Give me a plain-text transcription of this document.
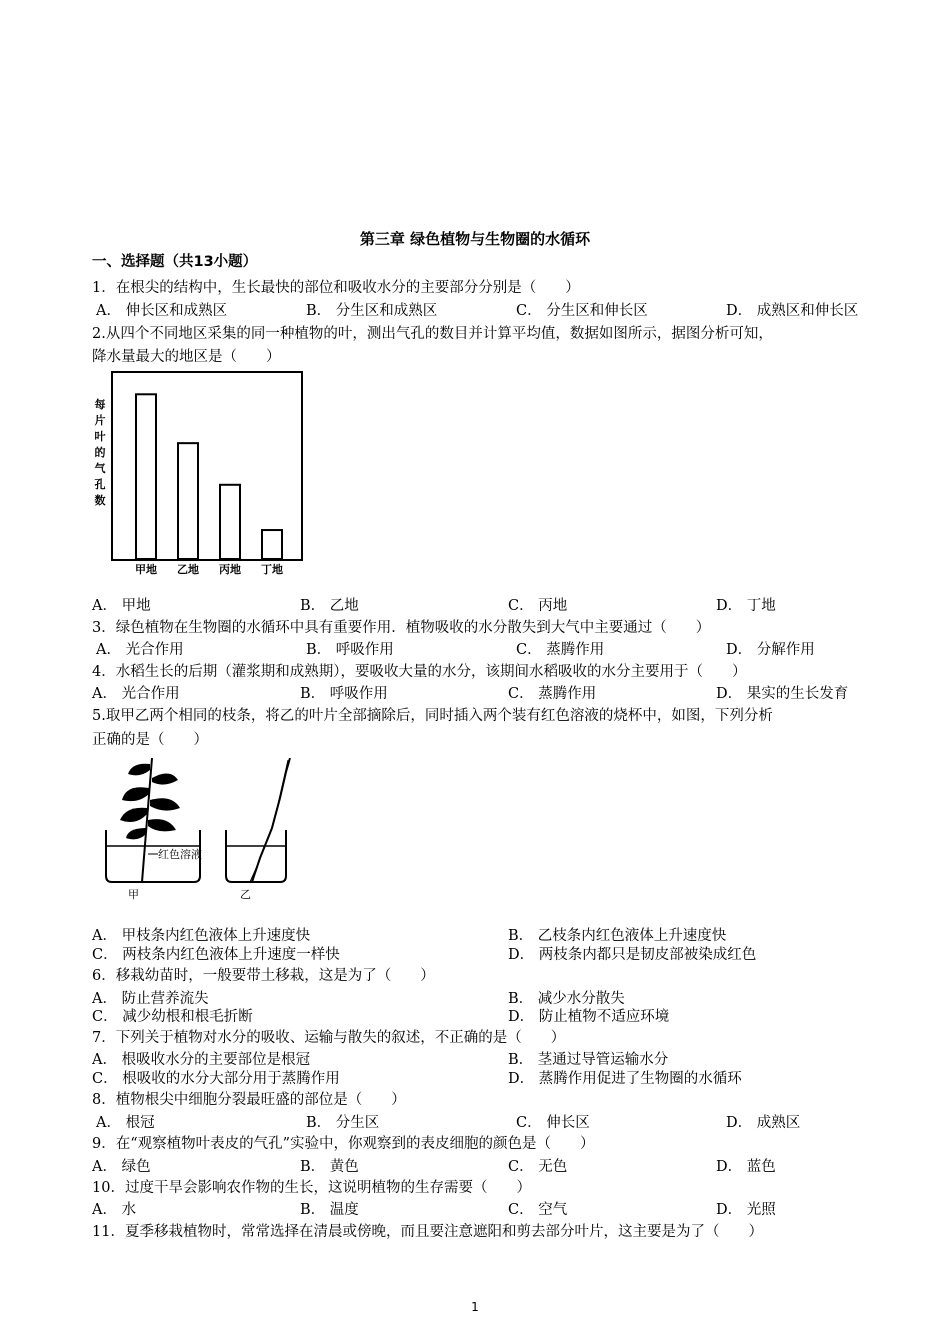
第三章 绿色植物与生物圈的水循环
一、选择题（共13小题）
1．在根尖的结构中，生长最快的部位和吸收水分的主要部分分别是（　　）
A． 伸长区和成熟区	B． 分生区和成熟区	C． 分生区和伸长区	D． 成熟区和伸长区
2.从四个不同地区采集的同一种植物的叶，测出气孔的数目并计算平均值，数据如图所示，据图分析可知，
降水量最大的地区是（　　）
每
片
叶
的
气
孔
数
甲地 乙地 丙地 丁地
A． 甲地	B． 乙地	C． 丙地	D． 丁地
3．绿色植物在生物圈的水循环中具有重要作用．植物吸收的水分散失到大气中主要通过（　　）
A． 光合作用	B． 呼吸作用	C． 蒸腾作用	D． 分解作用
4．水稻生长的后期（灌浆期和成熟期），要吸收大量的水分，该期间水稻吸收的水分主要用于（　　）
A． 光合作用	B． 呼吸作用	C． 蒸腾作用	D． 果实的生长发育
5.取甲乙两个相同的枝条，将乙的叶片全部摘除后，同时插入两个装有红色溶液的烧杯中，如图，下列分析
正确的是（　　）
红色溶液
甲	乙
A． 甲枝条内红色液体上升速度快	B． 乙枝条内红色液体上升速度快
C． 两枝条内红色液体上升速度一样快	D． 两枝条内都只是韧皮部被染成红色
6．移栽幼苗时，一般要带土移栽，这是为了（　　）
A． 防止营养流失	B． 减少水分散失
C． 减少幼根和根毛折断	D． 防止植物不适应环境
7．下列关于植物对水分的吸收、运输与散失的叙述，不正确的是（　　）
A． 根吸收水分的主要部位是根冠	B． 茎通过导管运输水分
C． 根吸收的水分大部分用于蒸腾作用	D． 蒸腾作用促进了生物圈的水循环
8．植物根尖中细胞分裂最旺盛的部位是（　　）
A． 根冠	B． 分生区	C． 伸长区	D． 成熟区
9．在“观察植物叶表皮的气孔”实验中，你观察到的表皮细胞的颜色是（　　）
A． 绿色	B． 黄色	C． 无色	D． 蓝色
10．过度干旱会影响农作物的生长，这说明植物的生存需要（　　）
A． 水	B． 温度	C． 空气	D． 光照
11．夏季移栽植物时，常常选择在清晨或傍晚，而且要注意遮阳和剪去部分叶片，这主要是为了（　　）
1
